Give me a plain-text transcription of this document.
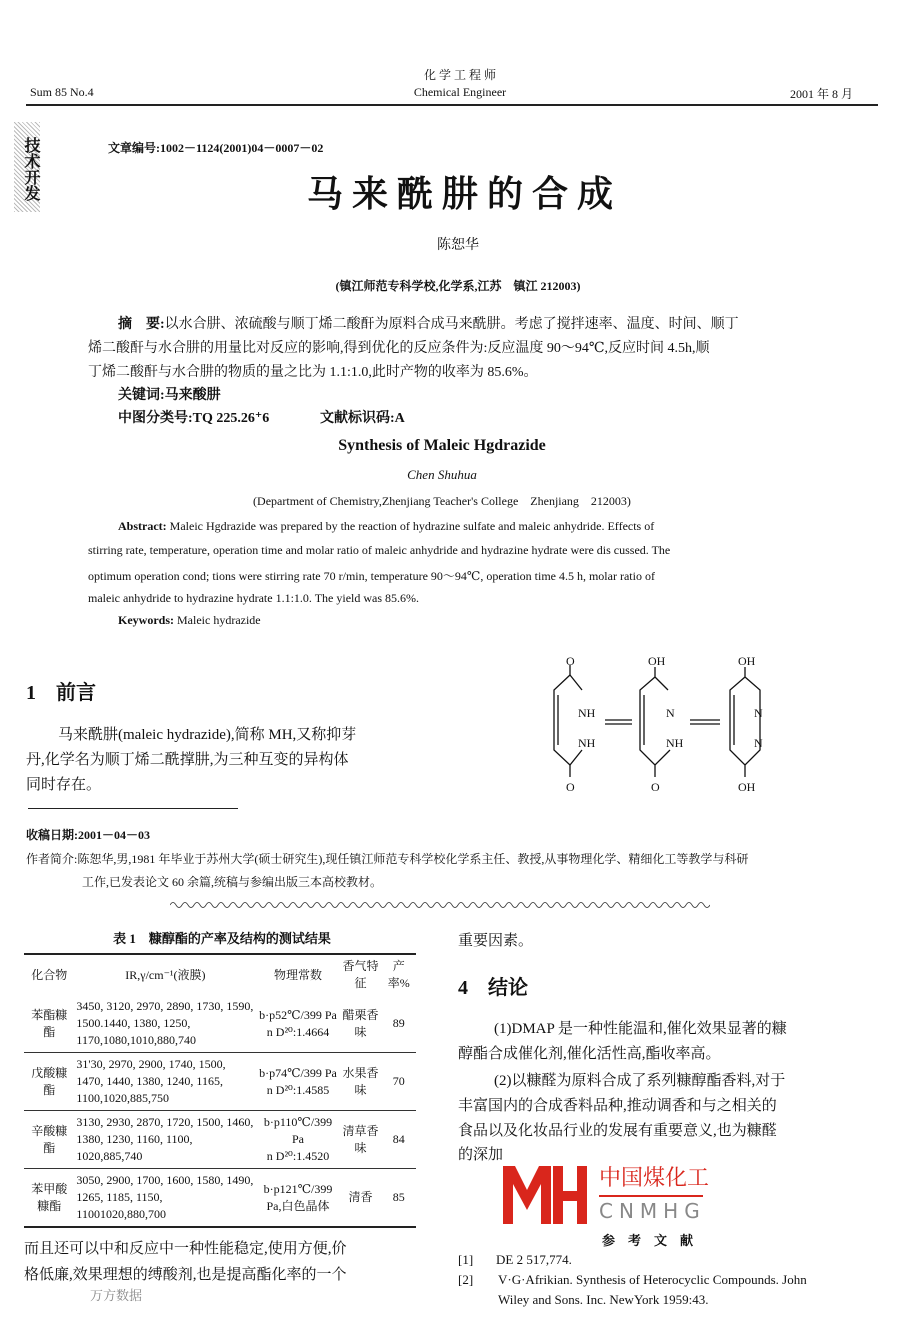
化 学 工 程 师
Chemical Engineer
Sum 85 No.4	2001 年 8 月
技术开发	文章编号:1002－1124(2001)04－0007－02
马 来 酰 肼 的 合 成
陈恕华
(镇江师范专科学校,化学系,江苏　镇江 212003)
摘　要:以水合肼、浓硫酸与顺丁烯二酸酐为原料合成马来酰肼。考虑了搅拌速率、温度、时间、顺丁
烯二酸酐与水合肼的用量比对反应的影响,得到优化的反应条件为:反应温度 90～94℃,反应时间 4.5h,顺
丁烯二酸酐与水合肼的物质的量之比为 1.1:1.0,此时产物的收率为 85.6%。
关键词:马来酸肼
中图分类号:TQ 225.26⁺6	文献标识码:A
Synthesis of Maleic Hgdrazide
Chen Shuhua
(Department of Chemistry,Zhenjiang Teacher's College　Zhenjiang　212003)
Abstract: Maleic Hgdrazide was prepared by the reaction of hydrazine sulfate and maleic anhydride. Effects of
stirring rate, temperature, operation time and molar ratio of maleic anhydride and hydrazine hydrate were dis cussed. The
optimum operation cond; tions were stirring rate 70 r/min, temperature 90～94℃, operation time 4.5 h, molar ratio of
maleic anhydride to hydrazine hydrate 1.1:1.0. The yield was 85.6%.
Keywords: Maleic hydrazide
1　前言
马来酰肼(maleic hydrazide),简称 MH,又称抑芽
丹,化学名为顺丁烯二酰撑肼,为三种互变的异构体
同时存在。
O
NH
NH
O
OH
N
NH
O
OH
N
N
OH
收稿日期:2001－04－03
作者简介:陈恕华,男,1981 年毕业于苏州大学(硕士研究生),现任镇江师范专科学校化学系主任、教授,从事物理化学、精细化工等教学与科研
工作,已发表论文 60 余篇,统稿与参编出版三本高校教材。
表 1　糠醇酯的产率及结构的测试结果
化合物	IR,γ/cm⁻¹(液膜)	物理常数	香气特征	产率%
苯酯糠酯	3450, 3120, 2970, 2890, 1730, 1590, 1500.1440, 1380, 1250, 1170,1080,1010,880,740	b·p52℃/399 Pa
n D²⁰:1.4664	醋栗香味	89
戊酸糠酯	31'30, 2970, 2900, 1740, 1500, 1470, 1440, 1380, 1240, 1165, 1100,1020,885,750	b·p74℃/399 Pa
n D²⁰:1.4585	水果香味	70
辛酸糠酯	3130, 2930, 2870, 1720, 1500, 1460, 1380, 1230, 1160, 1100, 1020,885,740	b·p110℃/399 Pa
n D²⁰:1.4520	清草香味	84
苯甲酸糠酯	3050, 2900, 1700, 1600, 1580, 1490, 1265, 1185, 1150, 11001020,880,700	b·p121℃/399
Pa,白色晶体	清香	85
而且还可以中和反应中一种性能稳定,使用方便,价
格低廉,效果理想的缚酸剂,也是提高酯化率的一个
万方数据
重要因素。
4　结论
(1)DMAP 是一种性能温和,催化效果显著的糠
醇酯合成催化剂,催化活性高,酯收率高。
(2)以糠醛为原料合成了系列糠醇酯香料,对于
丰富国内的合成香料品种,推动调香和与之相关的
食品以及化妆品行业的发展有重要意义,也为糠醛
的深加
中国煤化工
CNMHG
参　考　文　献
[1] DE 2 517,774.
[2] V·G·Afrikian. Synthesis of Heterocyclic Compounds. John
Wiley and Sons. Inc. NewYork 1959:43.
